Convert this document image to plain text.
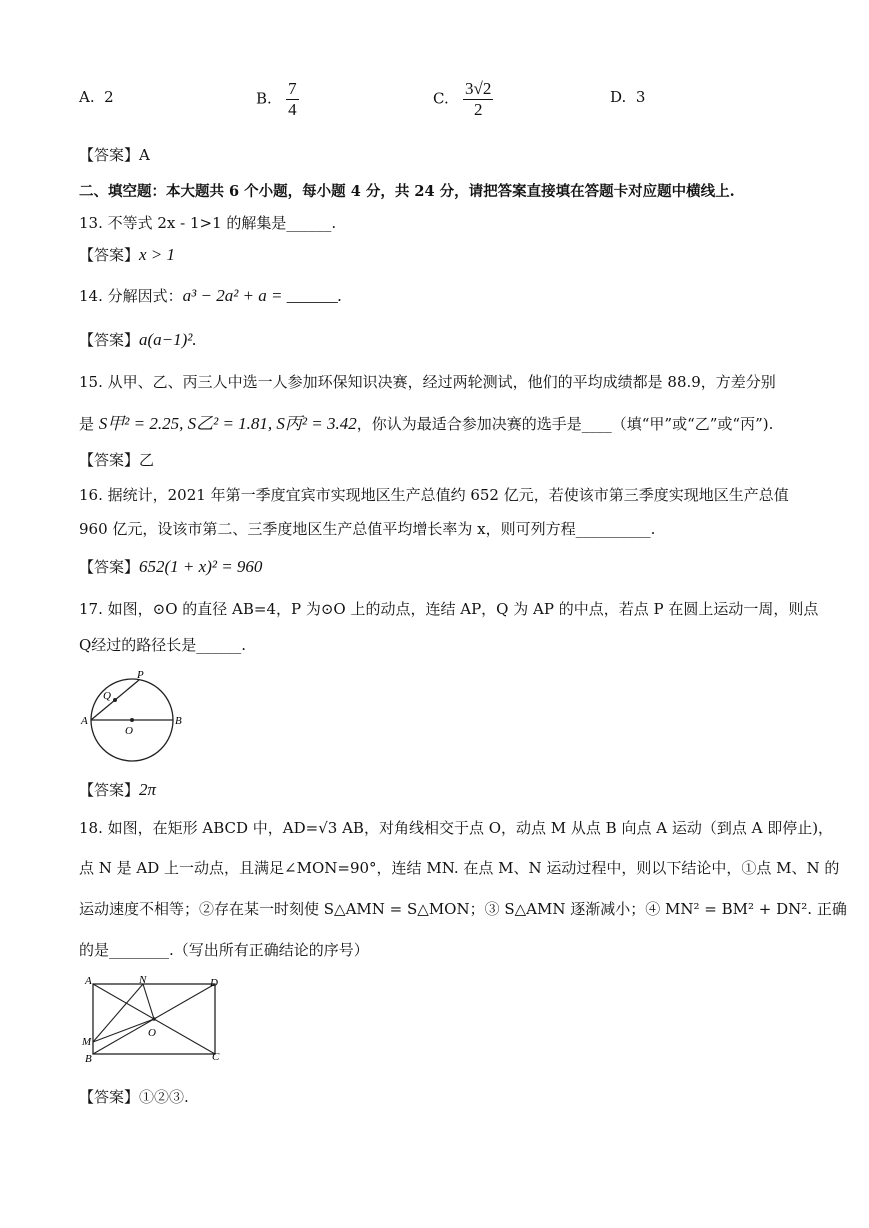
A. 2	B. $\frac{7}{4}$	C. $\frac{3√2}{2}$	D. 3
【答案】A
二、填空题：本大题共 6 个小题，每小题 4 分，共 24 分，请把答案直接填在答题卡对应题中横线上.
13. 不等式 2x - 1>1 的解集是______.
【答案】x > 1
14. 分解因式：a³ − 2a² + a = ______.
【答案】a(a−1)².
15. 从甲、乙、丙三人中选一人参加环保知识决赛，经过两轮测试，他们的平均成绩都是 88.9，方差分别
是 S甲² = 2.25, S乙² = 1.81, S丙² = 3.42，你认为最适合参加决赛的选手是____（填“甲”或“乙”或“丙”).
【答案】乙
16. 据统计，2021 年第一季度宜宾市实现地区生产总值约 652 亿元，若使该市第三季度实现地区生产总值
960 亿元，设该市第二、三季度地区生产总值平均增长率为 x，则可列方程__________.
【答案】652(1 + x)² = 960
17. 如图，⊙O 的直径 AB=4，P 为⊙O 上的动点，连结 AP，Q 为 AP 的中点，若点 P 在圆上运动一周，则点
Q经过的路径长是______.
P
Q
A	B
O
【答案】2π
18. 如图，在矩形 ABCD 中，AD=√3 AB，对角线相交于点 O，动点 M 从点 B 向点 A 运动（到点 A 即停止)，
点 N 是 AD 上一动点，且满足∠MON=90°，连结 MN. 在点 M、N 运动过程中，则以下结论中，①点 M、N 的
运动速度不相等；②存在某一时刻使 S△AMN = S△MON；③ S△AMN 逐渐减小；④ MN² = BM² + DN². 正确
的是________.（写出所有正确结论的序号）
A	N	D
M
O
B	C
【答案】①②③.
